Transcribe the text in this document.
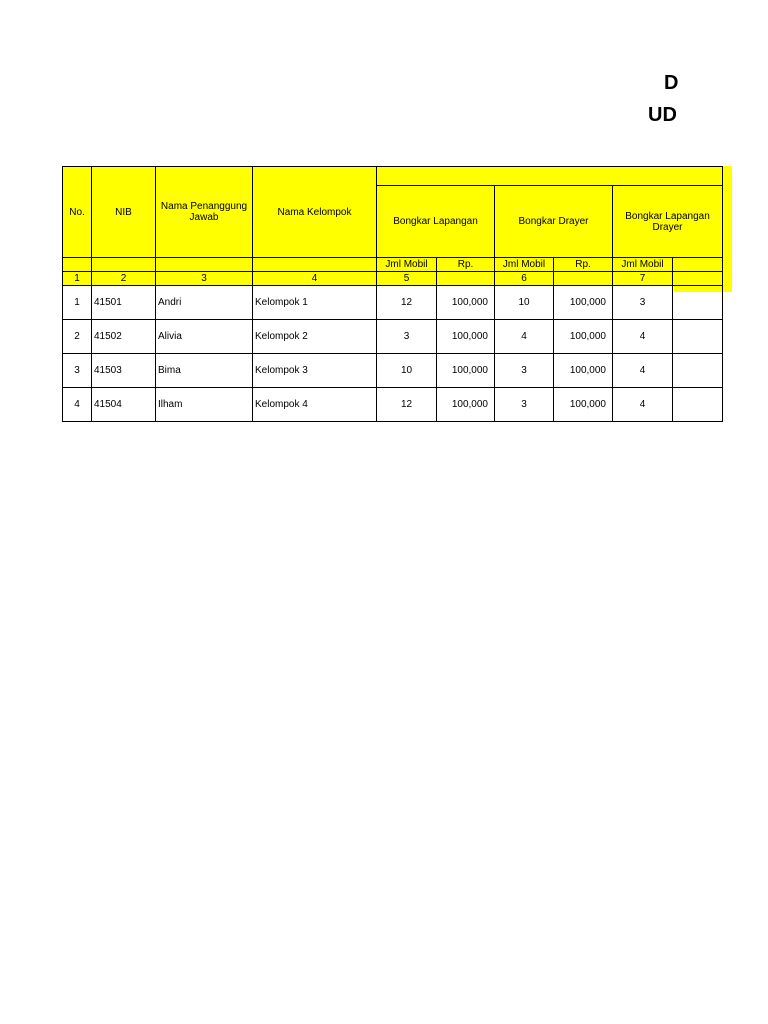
D
UD
No.	NIB	Nama Penanggung Jawab	Nama Kelompok						
				Bongkar Lapangan		Bongkar Drayer		Bongkar Lapangan Drayer	
				Jml Mobil	Rp.	Jml Mobil	Rp.	Jml Mobil	
1	2	3	4	5		6		7	
1	41501	Andri	Kelompok 1	12	100,000	10	100,000	3	
2	41502	Alivia	Kelompok 2	3	100,000	4	100,000	4	
3	41503	Bima	Kelompok 3	10	100,000	3	100,000	4	
4	41504	Ilham	Kelompok 4	12	100,000	3	100,000	4	
